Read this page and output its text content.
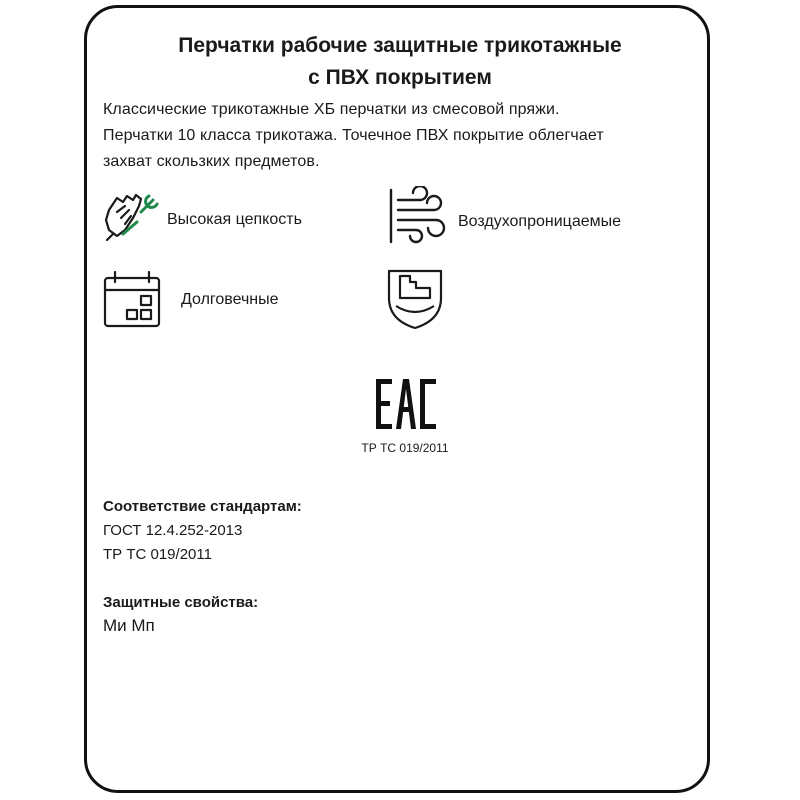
Перчатки рабочие защитные трикотажные
с ПВХ покрытием
Классические трикотажные ХБ перчатки из смесовой пряжи.
Перчатки 10 класса трикотажа. Точечное ПВХ покрытие облегчает
захват скользких предметов.
Высокая цепкость	Воздухопроницаемые
Долговечные
ТР ТС 019/2011
Соответствие стандартам:
ГОСТ 12.4.252-2013
ТР ТС 019/2011
Защитные свойства:
Ми Мп
